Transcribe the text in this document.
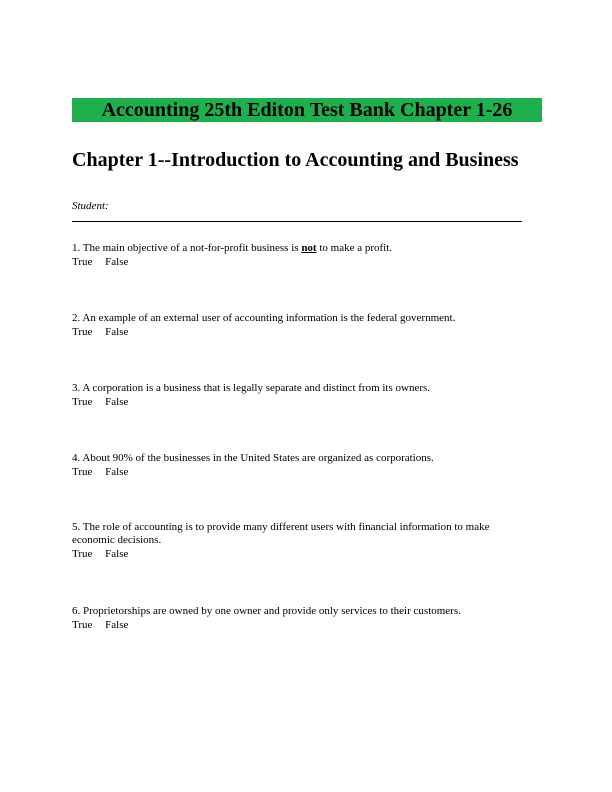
Accounting 25th Editon Test Bank Chapter 1-26
Chapter 1--Introduction to Accounting and Business
Student:
1. The main objective of a not-for-profit business is not to make a profit.
True False
2. An example of an external user of accounting information is the federal government.
True False
3. A corporation is a business that is legally separate and distinct from its owners.
True False
4. About 90% of the businesses in the United States are organized as corporations.
True False
5. The role of accounting is to provide many different users with financial information to make economic decisions.
True False
6. Proprietorships are owned by one owner and provide only services to their customers.
True False
